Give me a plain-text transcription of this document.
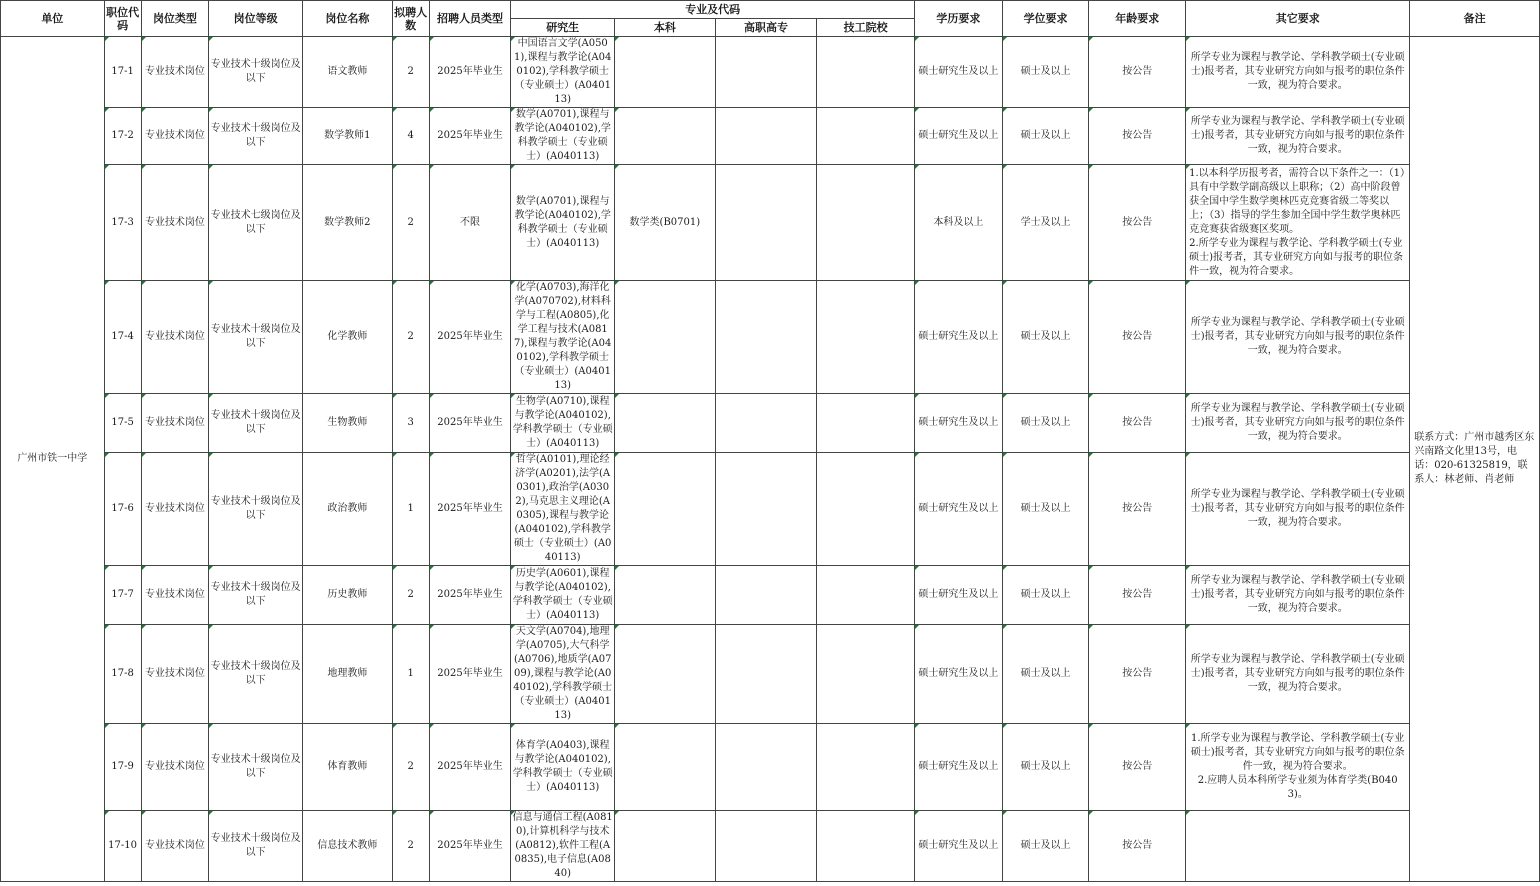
单位	职位代码	岗位类型	岗位等级	岗位名称	拟聘人数	招聘人员类型	专业及代码				学历要求	学位要求	年龄要求	其它要求	备注
							研究生	本科	高职高专	技工院校					
广州市铁一中学	17-1	专业技术岗位	专业技术十级岗位及以下	语文教师	2	2025年毕业生	中国语言文学(A0501),课程与教学论(A040102),学科教学硕士（专业硕士）(A040113)				硕士研究生及以上	硕士及以上	按公告	所学专业为课程与教学论、学科教学硕士(专业硕士)报考者，其专业研究方向如与报考的职位条件一致，视为符合要求。	联系方式：广州市越秀区东兴南路文化里13号，电话：020-61325819，联系人：林老师、肖老师
	17-2	专业技术岗位	专业技术十级岗位及以下	数学教师1	4	2025年毕业生	数学(A0701),课程与教学论(A040102),学科教学硕士（专业硕士）(A040113)				硕士研究生及以上	硕士及以上	按公告	所学专业为课程与教学论、学科教学硕士(专业硕士)报考者，其专业研究方向如与报考的职位条件一致，视为符合要求。	
	17-3	专业技术岗位	专业技术七级岗位及以下	数学教师2	2	不限	数学(A0701),课程与教学论(A040102),学科教学硕士（专业硕士）(A040113)	数学类(B0701)			本科及以上	学士及以上	按公告	1.以本科学历报考者，需符合以下条件之一：（1）具有中学数学副高级以上职称；（2）高中阶段曾获全国中学生数学奥林匹克竞赛省级二等奖以上；（3）指导的学生参加全国中学生数学奥林匹克竞赛获省级赛区奖项。
2.所学专业为课程与教学论、学科教学硕士(专业硕士)报考者，其专业研究方向如与报考的职位条件一致，视为符合要求。	
	17-4	专业技术岗位	专业技术十级岗位及以下	化学教师	2	2025年毕业生	化学(A0703),海洋化学(A070702),材料科学与工程(A0805),化学工程与技术(A0817),课程与教学论(A040102),学科教学硕士（专业硕士）(A040113)				硕士研究生及以上	硕士及以上	按公告	所学专业为课程与教学论、学科教学硕士(专业硕士)报考者，其专业研究方向如与报考的职位条件一致，视为符合要求。	
	17-5	专业技术岗位	专业技术十级岗位及以下	生物教师	3	2025年毕业生	生物学(A0710),课程与教学论(A040102),学科教学硕士（专业硕士）(A040113)				硕士研究生及以上	硕士及以上	按公告	所学专业为课程与教学论、学科教学硕士(专业硕士)报考者，其专业研究方向如与报考的职位条件一致，视为符合要求。	
	17-6	专业技术岗位	专业技术十级岗位及以下	政治教师	1	2025年毕业生	哲学(A0101),理论经济学(A0201),法学(A0301),政治学(A0302),马克思主义理论(A0305),课程与教学论(A040102),学科教学硕士（专业硕士）(A040113)				硕士研究生及以上	硕士及以上	按公告	所学专业为课程与教学论、学科教学硕士(专业硕士)报考者，其专业研究方向如与报考的职位条件一致，视为符合要求。	
	17-7	专业技术岗位	专业技术十级岗位及以下	历史教师	2	2025年毕业生	历史学(A0601),课程与教学论(A040102),学科教学硕士（专业硕士）(A040113)				硕士研究生及以上	硕士及以上	按公告	所学专业为课程与教学论、学科教学硕士(专业硕士)报考者，其专业研究方向如与报考的职位条件一致，视为符合要求。	
	17-8	专业技术岗位	专业技术十级岗位及以下	地理教师	1	2025年毕业生	天文学(A0704),地理学(A0705),大气科学(A0706),地质学(A0709),课程与教学论(A040102),学科教学硕士（专业硕士）(A040113)				硕士研究生及以上	硕士及以上	按公告	所学专业为课程与教学论、学科教学硕士(专业硕士)报考者，其专业研究方向如与报考的职位条件一致，视为符合要求。	
	17-9	专业技术岗位	专业技术十级岗位及以下	体育教师	2	2025年毕业生	体育学(A0403),课程与教学论(A040102),学科教学硕士（专业硕士）(A040113)				硕士研究生及以上	硕士及以上	按公告	1.所学专业为课程与教学论、学科教学硕士(专业硕士)报考者，其专业研究方向如与报考的职位条件一致，视为符合要求。
2.应聘人员本科所学专业须为体育学类(B0403)。	
	17-10	专业技术岗位	专业技术十级岗位及以下	信息技术教师	2	2025年毕业生	信息与通信工程(A0810),计算机科学与技术(A0812),软件工程(A0835),电子信息(A0840)				硕士研究生及以上	硕士及以上	按公告		
